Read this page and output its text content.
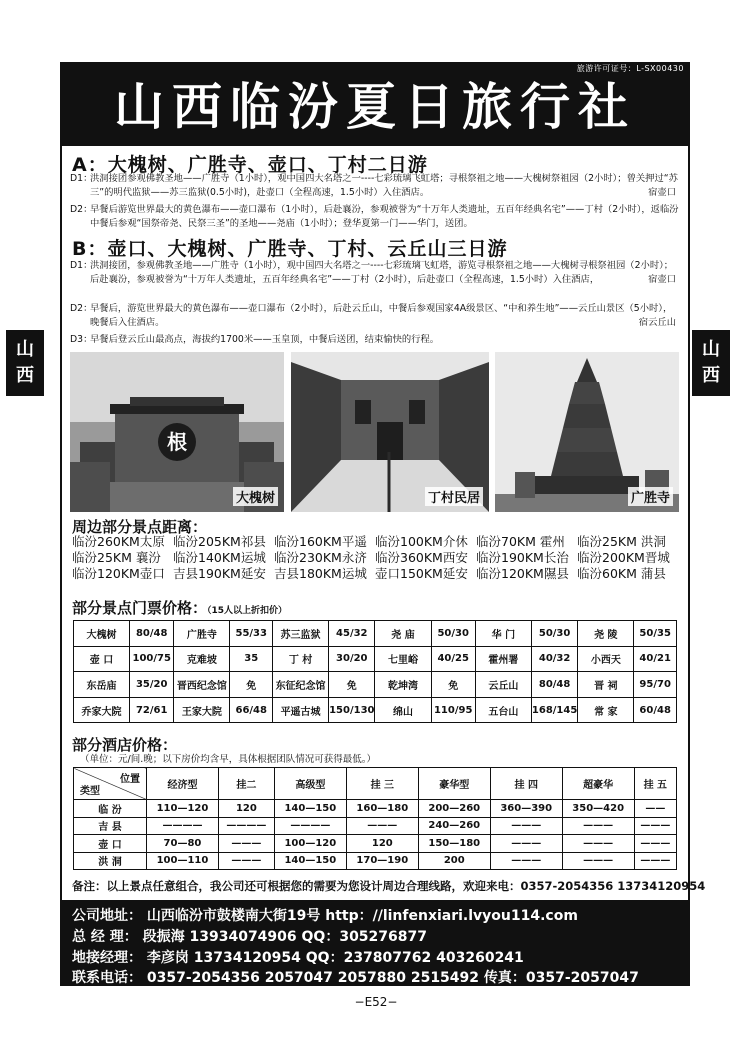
旅游许可证号：L-SX00430
山西临汾夏日旅行社
山
西
山
西
A：大槐树、广胜寺、壶口、丁村二日游
D1：
洪洞接团参观佛教圣地——广胜寺（1小时），观中国四大名塔之一----七彩琉璃飞虹塔；寻根祭祖之地——大槐树祭祖园（2小时）；曾关押过“苏三”的明代监狱——苏三监狱(0.5小时)，赴壶口（全程高速，1.5小时）入住酒店。	宿壶口
D2：
早餐后游览世界最大的黄色瀑布——壶口瀑布（1小时），后赴襄汾，参观被誉为“十万年人类遗址，五百年经典名宅”——丁村（2小时），返临汾中餐后参观“国祭帝尧、民祭三圣”的圣地——尧庙（1小时）；登华夏第一门——华门，送团。
B：壶口、大槐树、广胜寺、丁村、云丘山三日游
D1：
洪洞接团，参观佛教圣地——广胜寺（1小时），观中国四大名塔之一----七彩琉璃飞虹塔，游览寻根祭祖之地——大槐树寻根祭祖园（2小时）；后赴襄汾，参观被誉为“十万年人类遗址，五百年经典名宅”——丁村（2小时），后赴壶口（全程高速，1.5小时）入住酒店，	宿壶口
D2：
早餐后，游览世界最大的黄色瀑布——壶口瀑布（2小时），后赴云丘山，中餐后参观国家4A级景区、“中和养生地”——云丘山景区（5小时），晚餐后入住酒店。	宿云丘山
D3：
早餐后登云丘山最高点，海拔约1700米——玉皇顶，中餐后送团，结束愉快的行程。
根
大槐树	丁村民居	广胜寺
周边部分景点距离：
临汾260KM太原 临汾205KM祁县 临汾160KM平遥 临汾100KM介休 临汾70KM 霍州 临汾25KM 洪洞临汾25KM 襄汾 临汾140KM运城 临汾230KM永济 临汾360KM西安 临汾190KM长治 临汾200KM晋城临汾120KM壶口 吉县190KM延安 吉县180KM运城 壶口150KM延安 临汾120KM隰县 临汾60KM 蒲县
部分景点门票价格：（15人以上折扣价）
大槐树	80/48	广胜寺	55/33	苏三监狱	45/32	尧 庙	50/30	华 门	50/30	尧 陵	50/35
壶 口	100/75	克难坡	35	丁 村	30/20	七里峪	40/25	霍州署	40/32	小西天	40/21
东岳庙	35/20	晋西纪念馆	免	东征纪念馆	免	乾坤湾	免	云丘山	80/48	晋 祠	95/70
乔家大院	72/61	王家大院	66/48	平遥古城	150/130	绵山	110/95	五台山	168/145	常 家	60/48
部分酒店价格：
（单位：元/间.晚；以下房价均含早，具体根据团队情况可获得最低。）
位置
类型	经济型	挂二	高级型	挂 三	豪华型	挂 四	超豪华	挂 五
临 汾	110—120	120	140—150	160—180	200—260	360—390	350—420	——
吉 县	————	————	————	———	240—260	———	———	———
壶 口	70—80	———	100—120	120	150—180	———	———	———
洪 洞	100—110	———	140—150	170—190	200	———	———	———
备注：以上景点任意组合，我公司还可根据您的需要为您设计周边合理线路，欢迎来电：0357-2054356 13734120954
公司地址： 山西临汾市鼓楼南大街19号 http：//linfenxiari.lvyou114.com
总 经 理： 段振海 13934074906 QQ：305276877
地接经理： 李彦岗 13734120954 QQ：237807762 403260241
联系电话： 0357-2054356 2057047 2057880 2515492 传真：0357-2057047
−E52−
